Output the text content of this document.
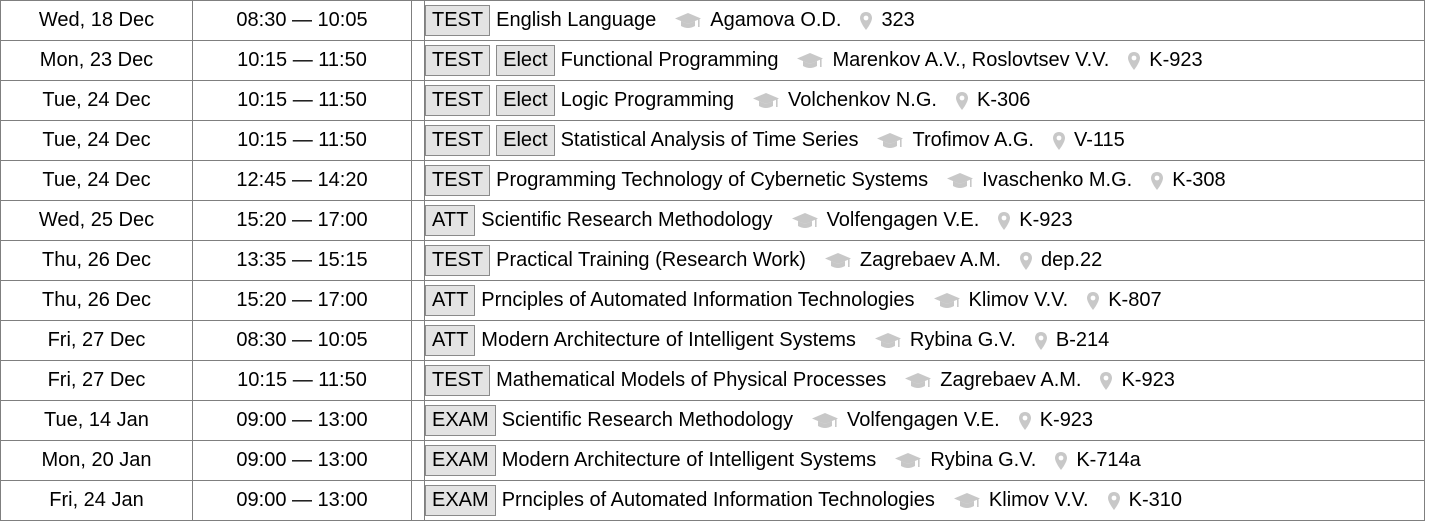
Wed, 18 Dec	08:30 — 10:05		TEST English Language Agamova O.D. 323

Mon, 23 Dec	10:15 — 11:50		TEST Elect Functional Programming Marenkov A.V., Roslovtsev V.V. K-923

Tue, 24 Dec	10:15 — 11:50		TEST Elect Logic Programming Volchenkov N.G. K-306

Tue, 24 Dec	10:15 — 11:50		TEST Elect Statistical Analysis of Time Series Trofimov A.G. V-115

Tue, 24 Dec	12:45 — 14:20		TEST Programming Technology of Cybernetic Systems Ivaschenko M.G. K-308

Wed, 25 Dec	15:20 — 17:00		ATT Scientific Research Methodology Volfengagen V.E. K-923

Thu, 26 Dec	13:35 — 15:15		TEST Practical Training (Research Work) Zagrebaev A.M. dep.22

Thu, 26 Dec	15:20 — 17:00		ATT Prnciples of Automated Information Technologies Klimov V.V. K-807

Fri, 27 Dec	08:30 — 10:05		ATT Modern Architecture of Intelligent Systems Rybina G.V. B-214

Fri, 27 Dec	10:15 — 11:50		TEST Mathematical Models of Physical Processes Zagrebaev A.M. K-923

Tue, 14 Jan	09:00 — 13:00		EXAM Scientific Research Methodology Volfengagen V.E. K-923

Mon, 20 Jan	09:00 — 13:00		EXAM Modern Architecture of Intelligent Systems Rybina G.V. K-714a

Fri, 24 Jan	09:00 — 13:00		EXAM Prnciples of Automated Information Technologies Klimov V.V. K-310
